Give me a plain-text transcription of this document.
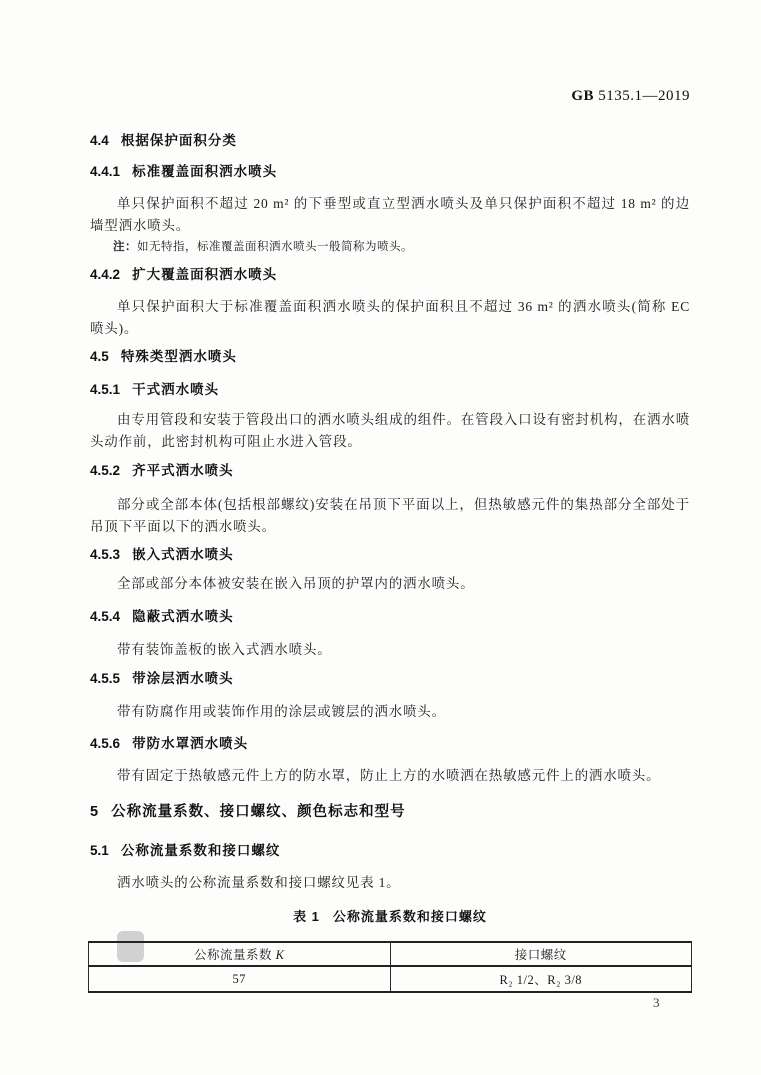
GB 5135.1—2019
4.4 根据保护面积分类
4.4.1 标准覆盖面积洒水喷头
单只保护面积不超过 20 m² 的下垂型或直立型洒水喷头及单只保护面积不超过 18 m² 的边墙型洒水喷头。
注：如无特指，标准覆盖面积洒水喷头一般简称为喷头。
4.4.2 扩大覆盖面积洒水喷头
单只保护面积大于标准覆盖面积洒水喷头的保护面积且不超过 36 m² 的洒水喷头(简称 EC 喷头)。
4.5 特殊类型洒水喷头
4.5.1 干式洒水喷头
由专用管段和安装于管段出口的洒水喷头组成的组件。在管段入口设有密封机构，在洒水喷头动作前，此密封机构可阻止水进入管段。
4.5.2 齐平式洒水喷头
部分或全部本体(包括根部螺纹)安装在吊顶下平面以上，但热敏感元件的集热部分全部处于吊顶下平面以下的洒水喷头。
4.5.3 嵌入式洒水喷头
全部或部分本体被安装在嵌入吊顶的护罩内的洒水喷头。
4.5.4 隐蔽式洒水喷头
带有装饰盖板的嵌入式洒水喷头。
4.5.5 带涂层洒水喷头
带有防腐作用或装饰作用的涂层或镀层的洒水喷头。
4.5.6 带防水罩洒水喷头
带有固定于热敏感元件上方的防水罩，防止上方的水喷洒在热敏感元件上的洒水喷头。
5 公称流量系数、接口螺纹、颜色标志和型号
5.1 公称流量系数和接口螺纹
洒水喷头的公称流量系数和接口螺纹见表 1。
表 1 公称流量系数和接口螺纹
公称流量系数 K	接口螺纹
57	R₂ 1/2、R₂ 3/8
3
